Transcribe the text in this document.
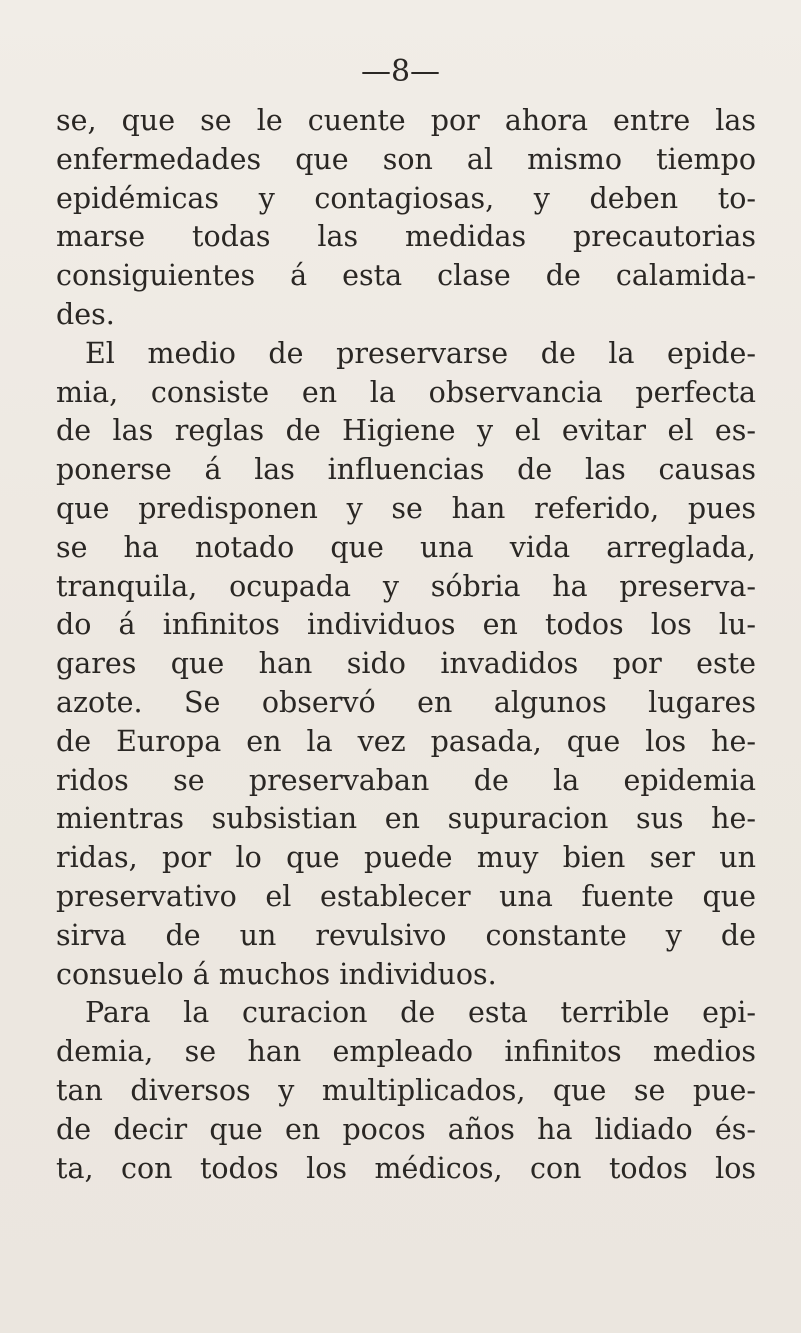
—8—
se, que se le cuente por ahora entre las
enfermedades que son al mismo tiempo
epidémicas y contagiosas, y deben to-
marse todas las medidas precautorias
consiguientes á esta clase de calamida-
des.
El medio de preservarse de la epide-
mia, consiste en la observancia perfecta
de las reglas de Higiene y el evitar el es-
ponerse á las influencias de las causas
que predisponen y se han referido, pues
se ha notado que una vida arreglada,
tranquila, ocupada y sóbria ha preserva-
do á infinitos individuos en todos los lu-
gares que han sido invadidos por este
azote. Se observó en algunos lugares
de Europa en la vez pasada, que los he-
ridos se preservaban de la epidemia
mientras subsistian en supuracion sus he-
ridas, por lo que puede muy bien ser un
preservativo el establecer una fuente que
sirva de un revulsivo constante y de
consuelo á muchos individuos.
Para la curacion de esta terrible epi-
demia, se han empleado infinitos medios
tan diversos y multiplicados, que se pue-
de decir que en pocos años ha lidiado és-
ta, con todos los médicos, con todos los
